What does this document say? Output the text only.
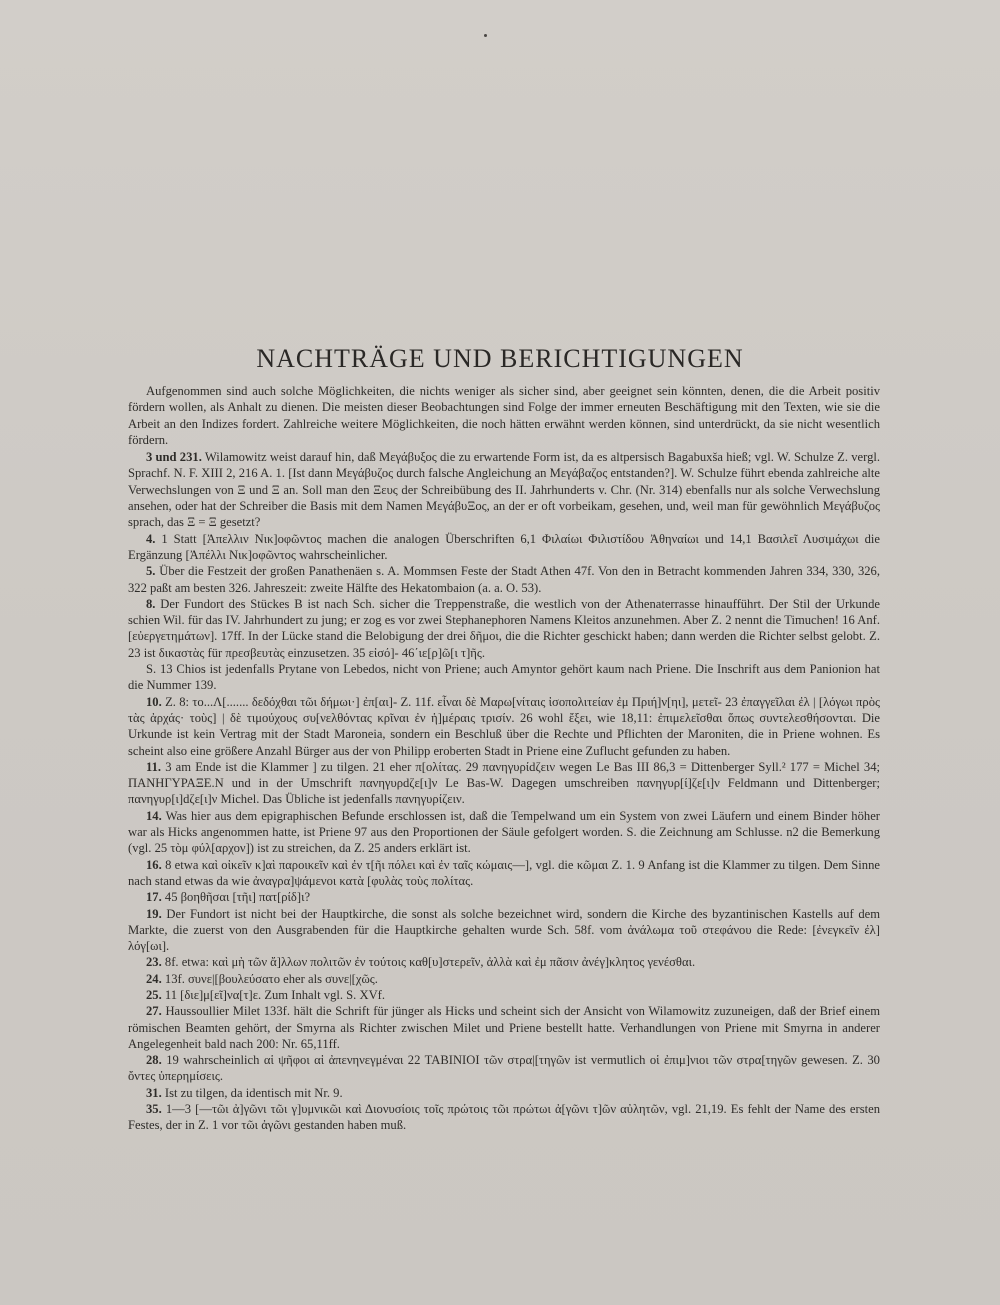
NACHTRÄGE UND BERICHTIGUNGEN

Aufgenommen sind auch solche Möglichkeiten, die nichts weniger als sicher sind, aber geeignet sein könnten, denen, die die Arbeit positiv fördern wollen, als Anhalt zu dienen. Die meisten dieser Beobachtungen sind Folge der immer erneuten Beschäftigung mit den Texten, wie sie die Arbeit an den Indizes fordert. Zahlreiche weitere Möglichkeiten, die noch hätten erwähnt werden können, sind unterdrückt, da sie nicht wesentlich fördern.

3 und 231. Wilamowitz weist darauf hin, daß Μεγάβυξος die zu erwartende Form ist, da es altpersisch Bagabuxša hieß; vgl. W. Schulze Z. vergl. Sprachf. N. F. XIII 2, 216 A. 1. [Ist dann Μεγάβυζος durch falsche Angleichung an Μεγάβαζος entstanden?]. W. Schulze führt ebenda zahlreiche alte Verwechslungen von Ξ und Ξ an. Soll man den Ξευς der Schreibübung des II. Jahrhunderts v. Chr. (Nr. 314) ebenfalls nur als solche Verwechslung ansehen, oder hat der Schreiber die Basis mit dem Namen ΜεγάβυΞος, an der er oft vorbeikam, gesehen, und, weil man für gewöhnlich Μεγάβυζος sprach, das Ξ = Ξ gesetzt?

4. 1 Statt [Ἀπελλιν Νικ]οφῶντος machen die analogen Überschriften 6,1 Φιλαίωι Φιλιστίδου Ἀθηναίωι und 14,1 Βασιλεῖ Λυσιμάχωι die Ergänzung [Ἀπέλλι Νικ]οφῶντος wahrscheinlicher.

5. Über die Festzeit der großen Panathenäen s. A. Mommsen Feste der Stadt Athen 47f. Von den in Betracht kommenden Jahren 334, 330, 326, 322 paßt am besten 326. Jahreszeit: zweite Hälfte des Hekatombaion (a. a. O. 53).

8. Der Fundort des Stückes B ist nach Sch. sicher die Treppenstraße, die westlich von der Athenaterrasse hinaufführt. Der Stil der Urkunde schien Wil. für das IV. Jahrhundert zu jung; er zog es vor zwei Stephanephoren Namens Kleitos anzunehmen. Aber Z. 2 nennt die Timuchen! 16 Anf. [εὐεργετημάτων]. 17ff. In der Lücke stand die Belobigung der drei δῆμοι, die die Richter geschickt haben; dann werden die Richter selbst gelobt. Z. 23 ist δικαστὰς für πρεσβευτὰς einzusetzen. 35 εἰσό]- 46΄ιε[ρ]ῶ[ι τ]ῆς.

S. 13 Chios ist jedenfalls Prytane von Lebedos, nicht von Priene; auch Amyntor gehört kaum nach Priene. Die Inschrift aus dem Panionion hat die Nummer 139.

10. Z. 8: το...Λ[....... δεδόχθαι τῶι δήμωι·] ἐπ[αι]- Z. 11f. εἶναι δὲ Μαρω[νίταις ἰσοπολιτείαν ἐμ Πριή]ν[ηι], μετεῖ- 23 ἐπαγγεῖλαι ἐλ | [λόγωι πρὸς τὰς ἀρχάς· τοὺς] | δὲ τιμούχους συ[νελθόντας κρῖναι ἐν ἡ]μέραις τρισίν. 26 wohl ἔξει, wie 18,11: ἐπιμελεῖσθαι ὅπως συντελεσθήσονται. Die Urkunde ist kein Vertrag mit der Stadt Maroneia, sondern ein Beschluß über die Rechte und Pflichten der Maroniten, die in Priene wohnen. Es scheint also eine größere Anzahl Bürger aus der von Philipp eroberten Stadt in Priene eine Zuflucht gefunden zu haben.

11. 3 am Ende ist die Klammer ] zu tilgen. 21 eher π[ολίτας. 29 πανηγυρίdζειν wegen Le Bas III 86,3 = Dittenberger Syll.² 177 = Michel 34; ΠΑΝΗΓΥΡΑΞΕ.Ν und in der Umschrift πανηγυρdζε[ι]ν Le Bas-W. Dagegen umschreiben πανηγυρ[ί]ζε[ι]ν Feldmann und Dittenberger; πανηγυρ[ι]dζε[ι]ν Michel. Das Übliche ist jedenfalls πανηγυρίζειν.

14. Was hier aus dem epigraphischen Befunde erschlossen ist, daß die Tempelwand um ein System von zwei Läufern und einem Binder höher war als Hicks angenommen hatte, ist Priene 97 aus den Proportionen der Säule gefolgert worden. S. die Zeichnung am Schlusse. n2 die Bemerkung (vgl. 25 τὸμ φύλ[αρχον]) ist zu streichen, da Z. 25 anders erklärt ist.

16. 8 etwa καὶ οἰκεῖν κ]αὶ παροικεῖν καὶ ἐν τ[ῆι πόλει καὶ ἐν ταῖς κώμαις—], vgl. die κῶμαι Z. 1. 9 Anfang ist die Klammer zu tilgen. Dem Sinne nach stand etwas da wie ἀναγρα]ψάμενοι κατὰ [φυλὰς τοὺς πολίτας.

17. 45 βοηθῆσαι [τῆι] πατ[ρίδ]ι?

19. Der Fundort ist nicht bei der Hauptkirche, die sonst als solche bezeichnet wird, sondern die Kirche des byzantinischen Kastells auf dem Markte, die zuerst von den Ausgrabenden für die Hauptkirche gehalten wurde Sch. 58f. vom ἀνάλωμα τοῦ στεφάνου die Rede: [ἐνεγκεῖν ἐλ] λόγ[ωι].

23. 8f. etwa: καὶ μὴ τῶν ἄ]λλων πολιτῶν ἐν τούτοις καθ[υ]στερεῖν, ἀλλὰ καὶ ἐμ πᾶσιν ἀνέγ]κλητος γενέσθαι.

24. 13f. συνε|[βουλεύσατο eher als συνε|[χῶς.

25. 11 [διε]μ[εῖ]να[τ]ε. Zum Inhalt vgl. S. XVf.

27. Haussoullier Milet 133f. hält die Schrift für jünger als Hicks und scheint sich der Ansicht von Wilamowitz zuzuneigen, daß der Brief einem römischen Beamten gehört, der Smyrna als Richter zwischen Milet und Priene bestellt hatte. Verhandlungen von Priene mit Smyrna in anderer Angelegenheit bald nach 200: Nr. 65,11ff.

28. 19 wahrscheinlich αἱ ψῆφοι αἱ ἀπενηνεγμέναι 22 ΤΑΒΙΝΙΟΙ τῶν στρα|[τηγῶν ist vermutlich οἱ ἐπιμ]νιοι τῶν στρα[τηγῶν gewesen. Z. 30 ὄντες ὑπερημίσεις.

31. Ist zu tilgen, da identisch mit Nr. 9.

35. 1—3 [—τῶι ἀ]γῶνι τῶι γ]υμνικῶι καὶ Διονυσίοις τοῖς πρώτοις τῶι πρώτωι ἀ[γῶνι τ]ῶν αὐλητῶν, vgl. 21,19. Es fehlt der Name des ersten Festes, der in Z. 1 vor τῶι ἀγῶνι gestanden haben muß.
